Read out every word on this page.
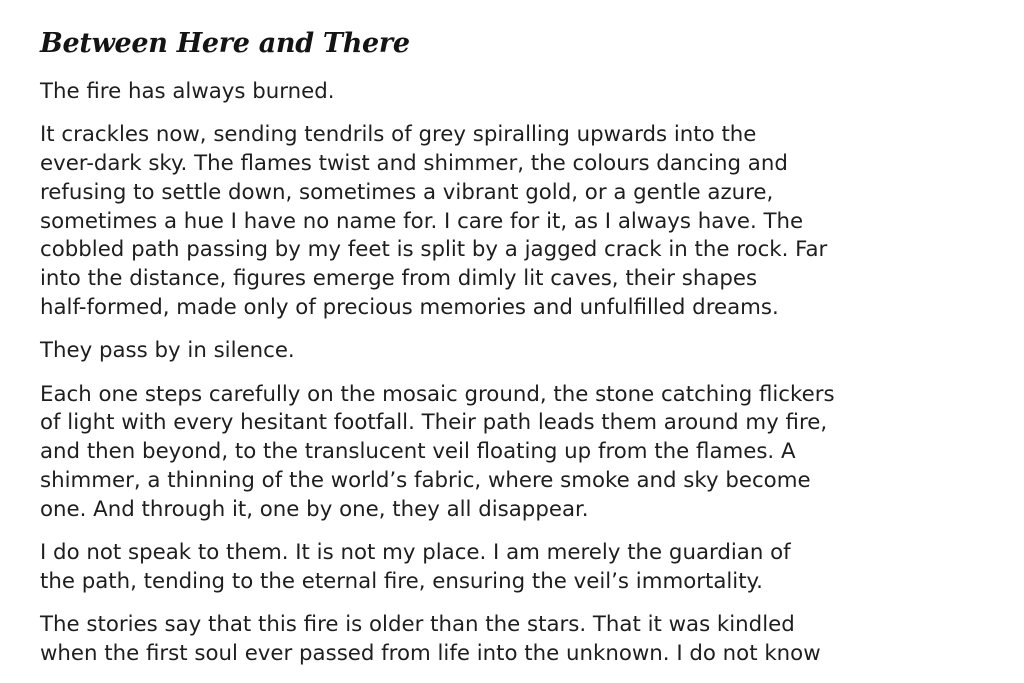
Between Here and There

The fire has always burned.

It crackles now, sending tendrils of grey spiralling upwards into the
ever-dark sky. The flames twist and shimmer, the colours dancing and
refusing to settle down, sometimes a vibrant gold, or a gentle azure,
sometimes a hue I have no name for. I care for it, as I always have. The
cobbled path passing by my feet is split by a jagged crack in the rock. Far
into the distance, figures emerge from dimly lit caves, their shapes
half-formed, made only of precious memories and unfulfilled dreams.

They pass by in silence.

Each one steps carefully on the mosaic ground, the stone catching flickers
of light with every hesitant footfall. Their path leads them around my fire,
and then beyond, to the translucent veil floating up from the flames. A
shimmer, a thinning of the world’s fabric, where smoke and sky become
one. And through it, one by one, they all disappear.

I do not speak to them. It is not my place. I am merely the guardian of
the path, tending to the eternal fire, ensuring the veil’s immortality.

The stories say that this fire is older than the stars. That it was kindled
when the first soul ever passed from life into the unknown. I do not know
